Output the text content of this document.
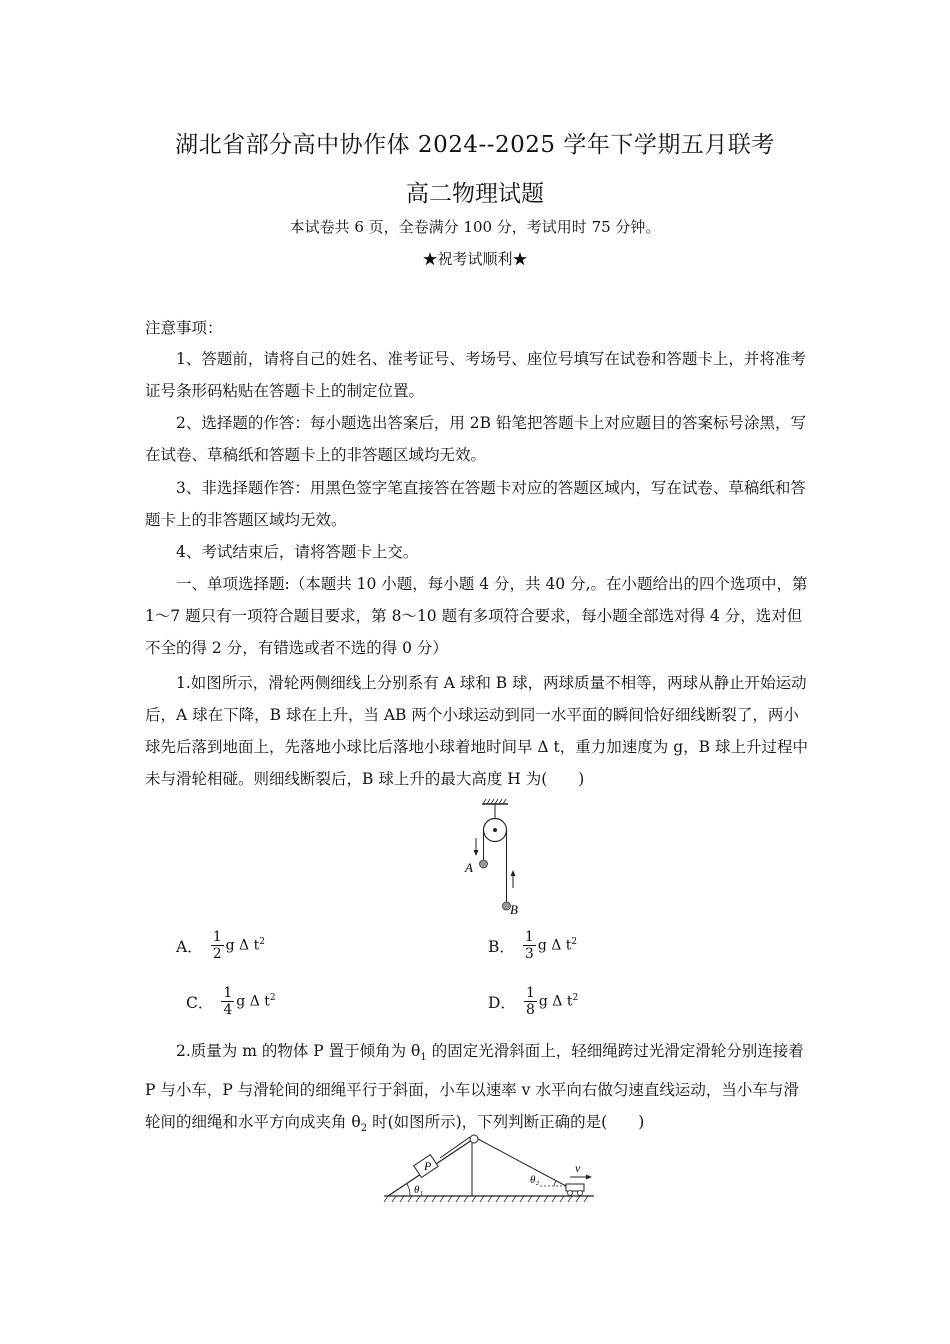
湖北省部分高中协作体 2024--2025 学年下学期五月联考
高二物理试题
本试卷共 6 页，全卷满分 100 分，考试用时 75 分钟。
★祝考试顺利★
注意事项：
1、答题前，请将自己的姓名、准考证号、考场号、座位号填写在试卷和答题卡上，并将准考证号条形码粘贴在答题卡上的制定位置。
2、选择题的作答：每小题选出答案后，用 2B 铅笔把答题卡上对应题目的答案标号涂黑，写在试卷、草稿纸和答题卡上的非答题区域均无效。
3、非选择题作答：用黑色签字笔直接答在答题卡对应的答题区域内，写在试卷、草稿纸和答题卡上的非答题区域均无效。
4、考试结束后，请将答题卡上交。
一、单项选择题:（本题共 10 小题，每小题 4 分，共 40 分,。在小题给出的四个选项中，第 1～7 题只有一项符合题目要求，第 8～10 题有多项符合要求，每小题全部选对得 4 分，选对但不全的得 2 分，有错选或者不选的得 0 分）
1.如图所示，滑轮两侧细线上分别系有 A 球和 B 球，两球质量不相等，两球从静止开始运动后，A 球在下降，B 球在上升，当 AB 两个小球运动到同一水平面的瞬间恰好细线断裂了，两小球先后落到地面上，先落地小球比后落地小球着地时间早 Δ t，重力加速度为 g，B 球上升过程中未与滑轮相碰。则细线断裂后，B 球上升的最大高度 H 为(　　)
A
B
A． $\frac{1}{2}$ g Δ $t^2$	B． $\frac{1}{3}$ g Δ $t^2$
C． $\frac{1}{4}$ g Δ $t^2$	D． $\frac{1}{8}$ g Δ $t^2$
2.质量为 m 的物体 P 置于倾角为 $\theta_1$ 的固定光滑斜面上，轻细绳跨过光滑定滑轮分别连接着 P 与小车，P 与滑轮间的细绳平行于斜面，小车以速率 v 水平向右做匀速直线运动，当小车与滑轮间的细绳和水平方向成夹角 $\theta_2$ 时(如图所示)，下列判断正确的是(　　)
P
θ₁
θ₂
v
